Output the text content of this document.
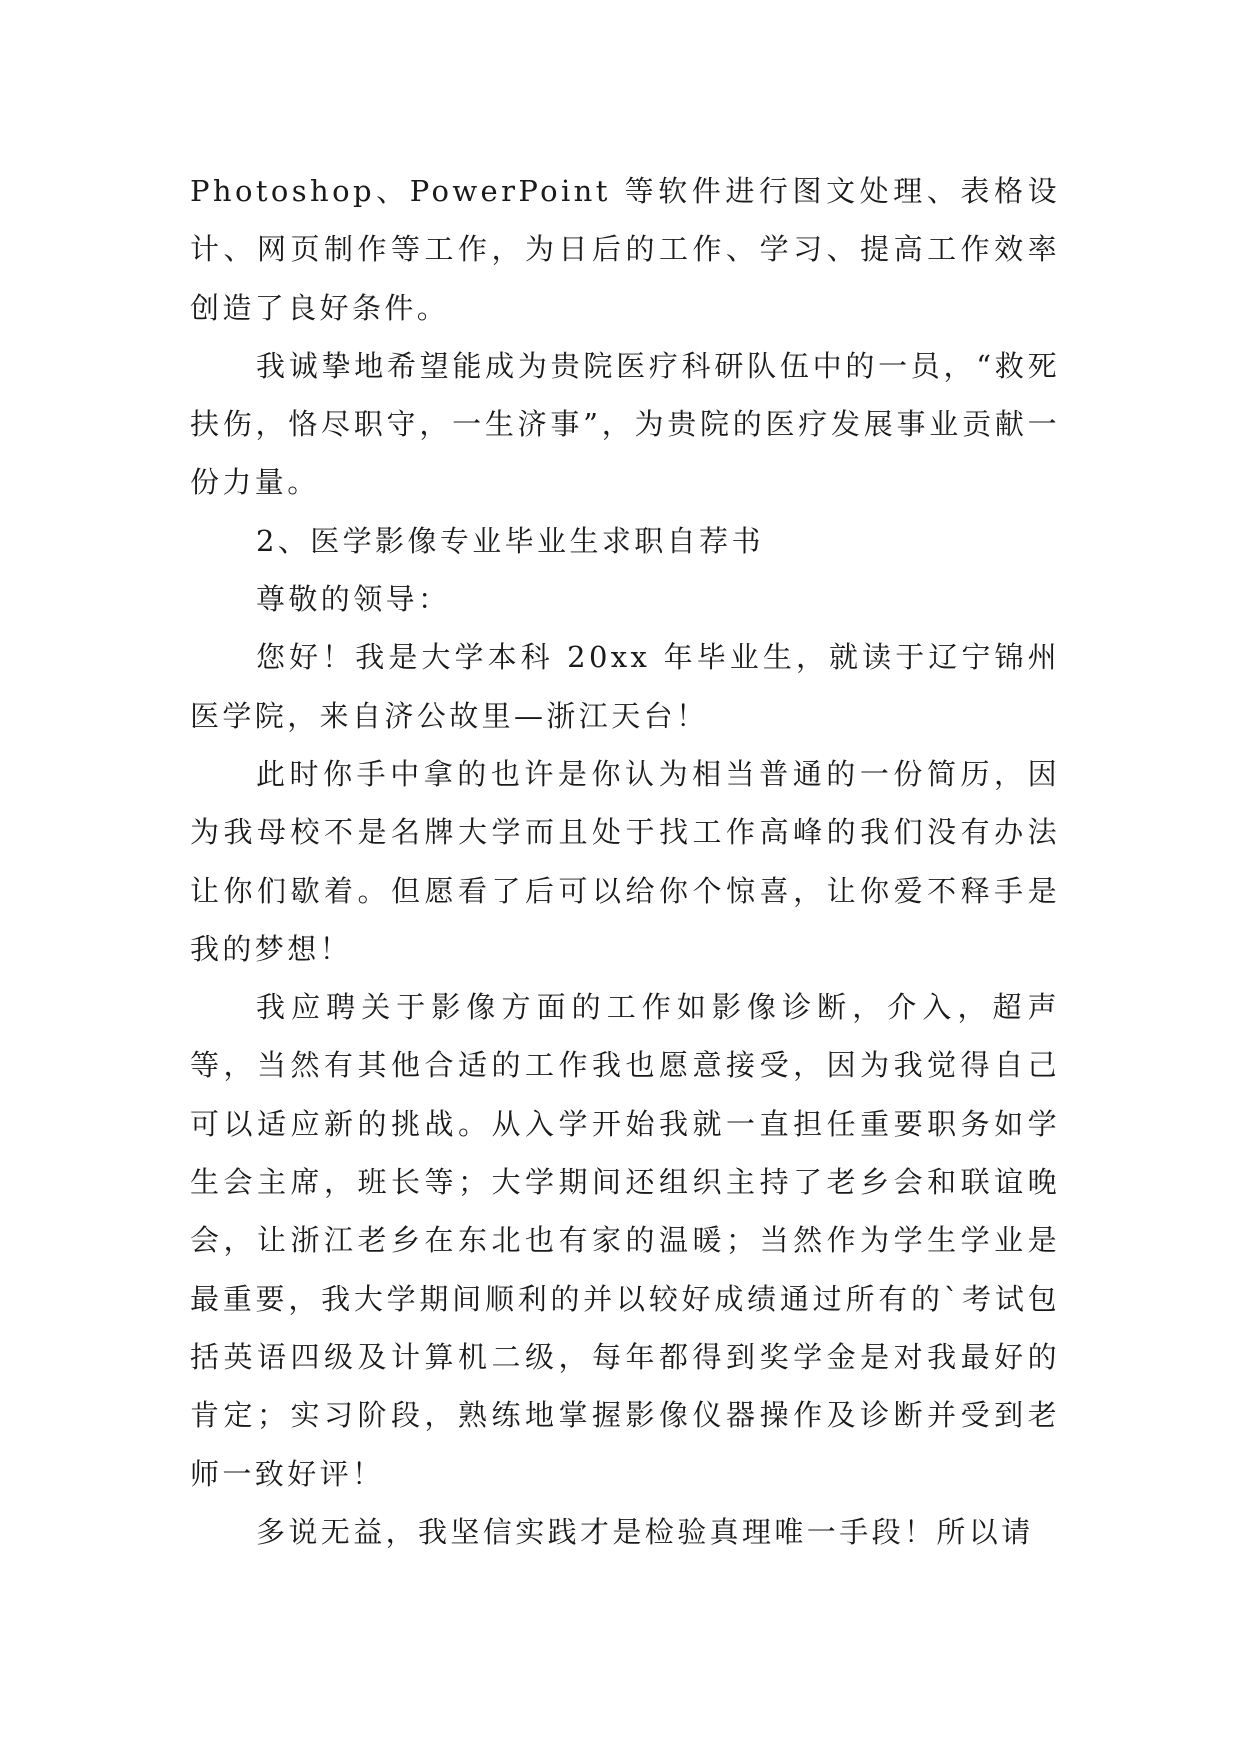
Photoshop、PowerPoint 等软件进行图文处理、表格设计、网页制作等工作，为日后的工作、学习、提高工作效率创造了良好条件。

我诚挚地希望能成为贵院医疗科研队伍中的一员，“救死扶伤，恪尽职守，一生济事”，为贵院的医疗发展事业贡献一份力量。

2、医学影像专业毕业生求职自荐书

尊敬的领导：

您好！我是大学本科 20xx 年毕业生，就读于辽宁锦州医学院，来自济公故里—浙江天台！

此时你手中拿的也许是你认为相当普通的一份简历，因为我母校不是名牌大学而且处于找工作高峰的我们没有办法让你们歇着。但愿看了后可以给你个惊喜，让你爱不释手是我的梦想！

我应聘关于影像方面的工作如影像诊断，介入，超声等，当然有其他合适的工作我也愿意接受，因为我觉得自己可以适应新的挑战。从入学开始我就一直担任重要职务如学生会主席，班长等；大学期间还组织主持了老乡会和联谊晚会，让浙江老乡在东北也有家的温暖；当然作为学生学业是最重要，我大学期间顺利的并以较好成绩通过所有的`考试包括英语四级及计算机二级，每年都得到奖学金是对我最好的肯定；实习阶段，熟练地掌握影像仪器操作及诊断并受到老师一致好评！

多说无益，我坚信实践才是检验真理唯一手段！所以请
